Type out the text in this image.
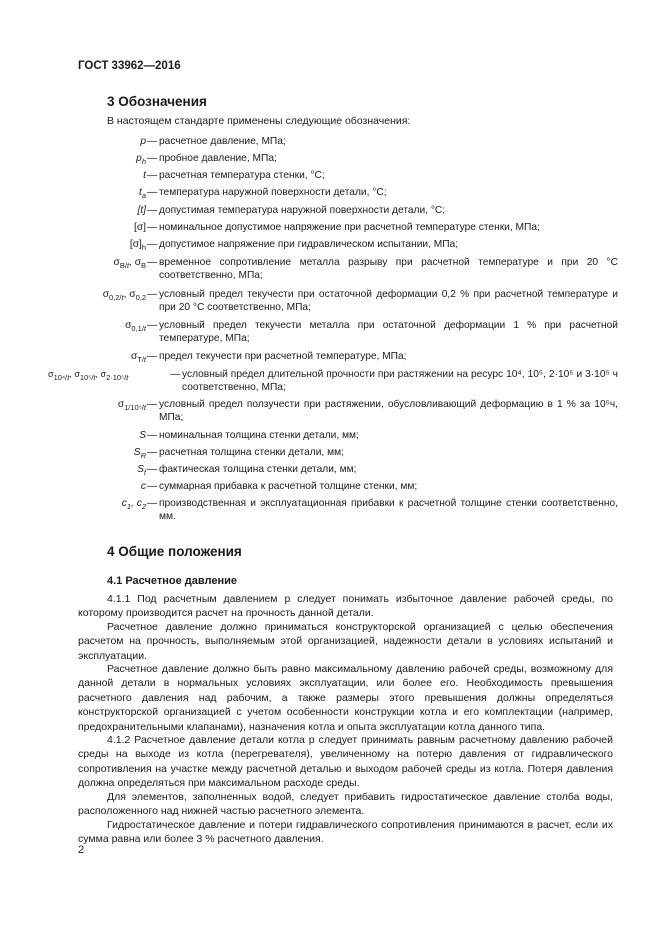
ГОСТ 33962—2016
3 Обозначения
В настоящем стандарте применены следующие обозначения:
p — расчетное давление, МПа;
$p_h$ — пробное давление, МПа;
t — расчетная температура стенки, °С;
$t_a$ — температура наружной поверхности детали, °С;
[t] — допустимая температура наружной поверхности детали, °С;
[σ] — номинальное допустимое напряжение при расчетной температуре стенки, МПа;
$[\sigma]_h$ — допустимое напряжение при гидравлическом испытании, МПа;
$\sigma_{B/t}$, $\sigma_B$ — временное сопротивление металла разрыву при расчетной температуре и при 20 °С соответственно, МПа;
$\sigma_{0,2/t}$, $\sigma_{0,2}$ — условный предел текучести при остаточной деформации 0,2 % при расчетной температуре и при 20 °С соответственно, МПа;
$\sigma_{0,1/t}$ — условный предел текучести металла при остаточной деформации 1 % при расчетной температуре, МПа;
$\sigma_{T/t}$ — предел текучести при расчетной температуре, МПа;
$\sigma_{10^4/t}$, $\sigma_{10^5/t}$, $\sigma_{2\cdot 10^5/t}$	— условный предел длительной прочности при растяжении на ресурс 10⁴, 10⁵, 2·10⁵ и 3·10⁵ ч соответственно, МПа;
$\sigma_{1/10^5/t}$ — условный предел ползучести при растяжении, обусловливающий деформацию в 1 % за 10⁵ч, МПа;
S — номинальная толщина стенки детали, мм;
$S_R$ — расчетная толщина стенки детали, мм;
$S_f$ — фактическая толщина стенки детали, мм;
c — суммарная прибавка к расчетной толщине стенки, мм;
$c_1$, $c_2$ — производственная и эксплуатационная прибавки к расчетной толщине стенки соответственно, мм.
4 Общие положения
4.1 Расчетное давление

4.1.1 Под расчетным давлением p следует понимать избыточное давление рабочей среды, по которому производится расчет на прочность данной детали.

Расчетное давление должно приниматься конструкторской организацией с целью обеспечения расчетом на прочность, выполняемым этой организацией, надежности детали в условиях испытаний и эксплуатации.

Расчетное давление должно быть равно максимальному давлению рабочей среды, возможному для данной детали в нормальных условиях эксплуатации, или более его. Необходимость превышения расчетного давления над рабочим, а также размеры этого превышения должны определяться конструкторской организацией с учетом особенности конструкции котла и его комплектации (например, предохранительными клапанами), назначения котла и опыта эксплуатации котла данного типа.

4.1.2 Расчетное давление детали котла p следует принимать равным расчетному давлению рабочей среды на выходе из котла (перегревателя), увеличенному на потерю давления от гидравлического сопротивления на участке между расчетной деталью и выходом рабочей среды из котла. Потеря давления должна определяться при максимальном расходе среды.

Для элементов, заполненных водой, следует прибавить гидростатическое давление столба воды, расположенного над нижней частью расчетного элемента.

Гидростатическое давление и потери гидравлического сопротивления принимаются в расчет, если их сумма равна или более 3 % расчетного давления.

2
